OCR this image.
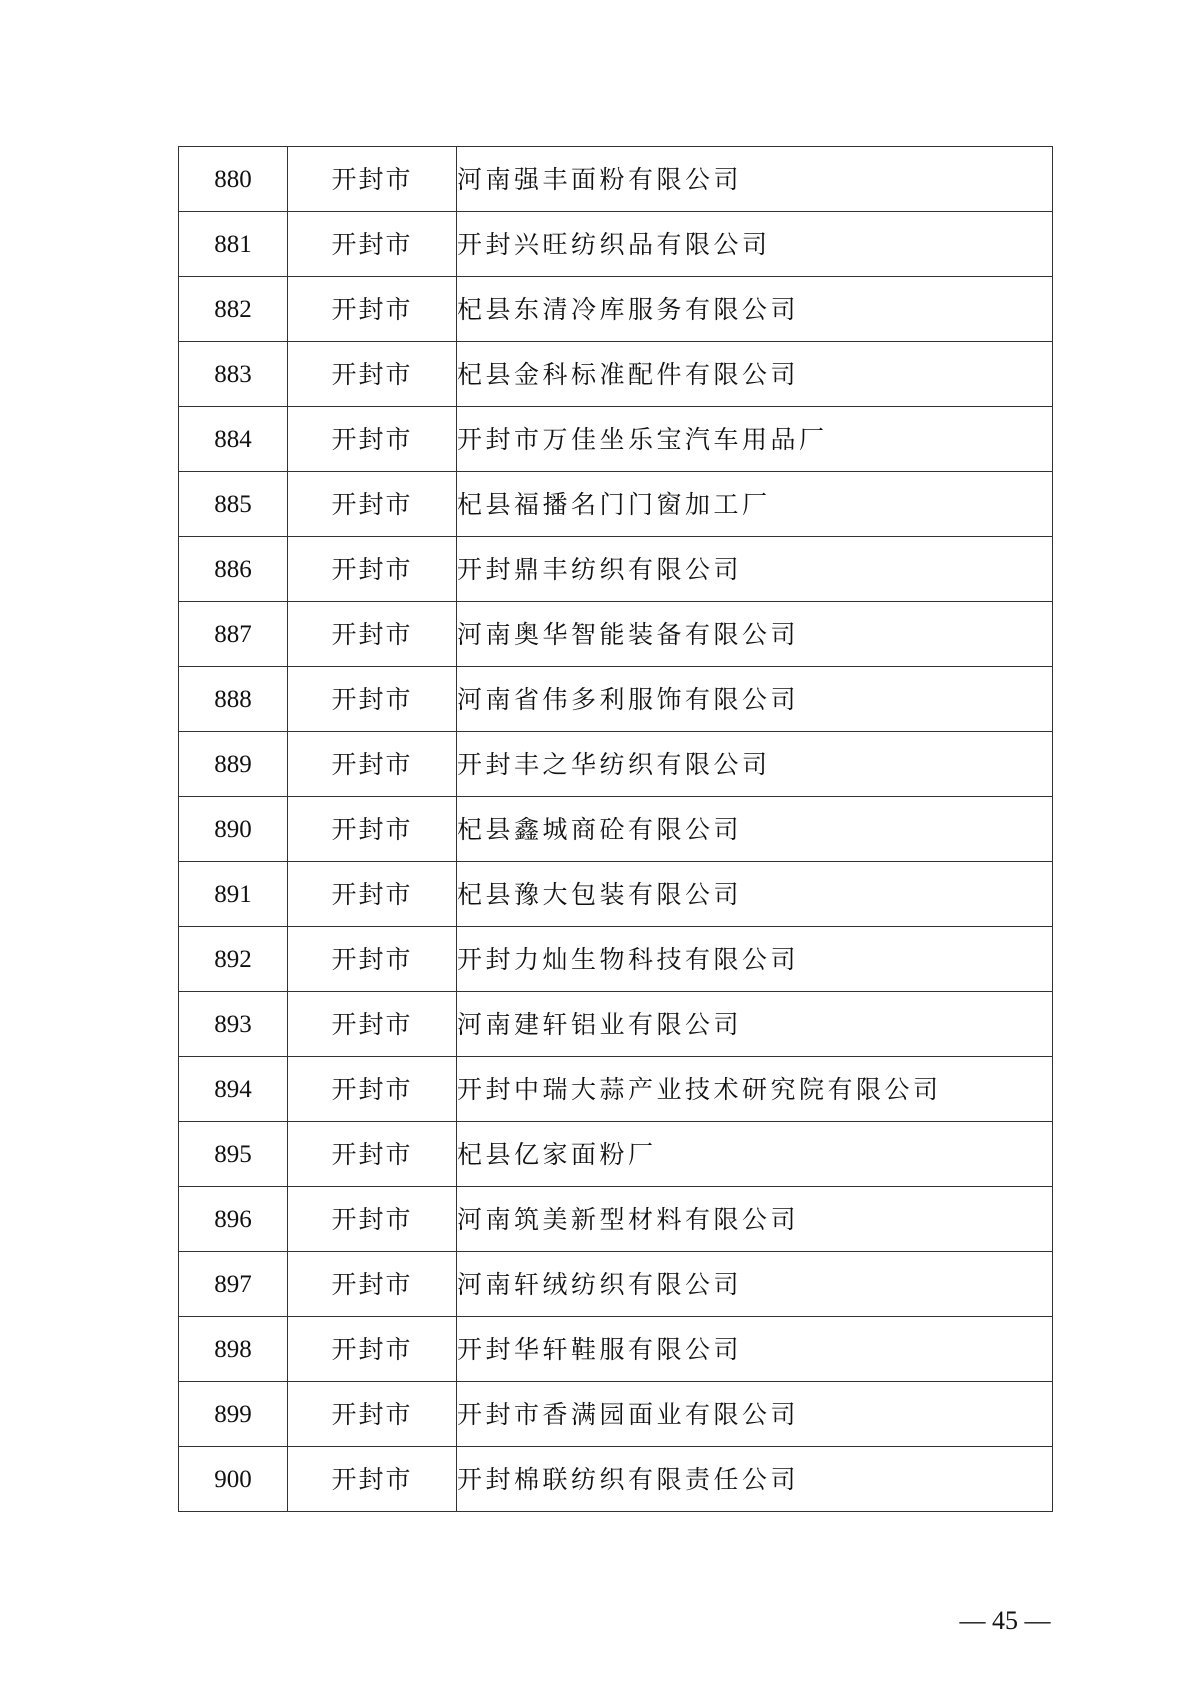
880	开封市	河南强丰面粉有限公司
881	开封市	开封兴旺纺织品有限公司
882	开封市	杞县东清冷库服务有限公司
883	开封市	杞县金科标准配件有限公司
884	开封市	开封市万佳坐乐宝汽车用品厂
885	开封市	杞县福播名门门窗加工厂
886	开封市	开封鼎丰纺织有限公司
887	开封市	河南奥华智能装备有限公司
888	开封市	河南省伟多利服饰有限公司
889	开封市	开封丰之华纺织有限公司
890	开封市	杞县鑫城商砼有限公司
891	开封市	杞县豫大包装有限公司
892	开封市	开封力灿生物科技有限公司
893	开封市	河南建轩铝业有限公司
894	开封市	开封中瑞大蒜产业技术研究院有限公司
895	开封市	杞县亿家面粉厂
896	开封市	河南筑美新型材料有限公司
897	开封市	河南轩绒纺织有限公司
898	开封市	开封华轩鞋服有限公司
899	开封市	开封市香满园面业有限公司
900	开封市	开封棉联纺织有限责任公司
— 45 —
